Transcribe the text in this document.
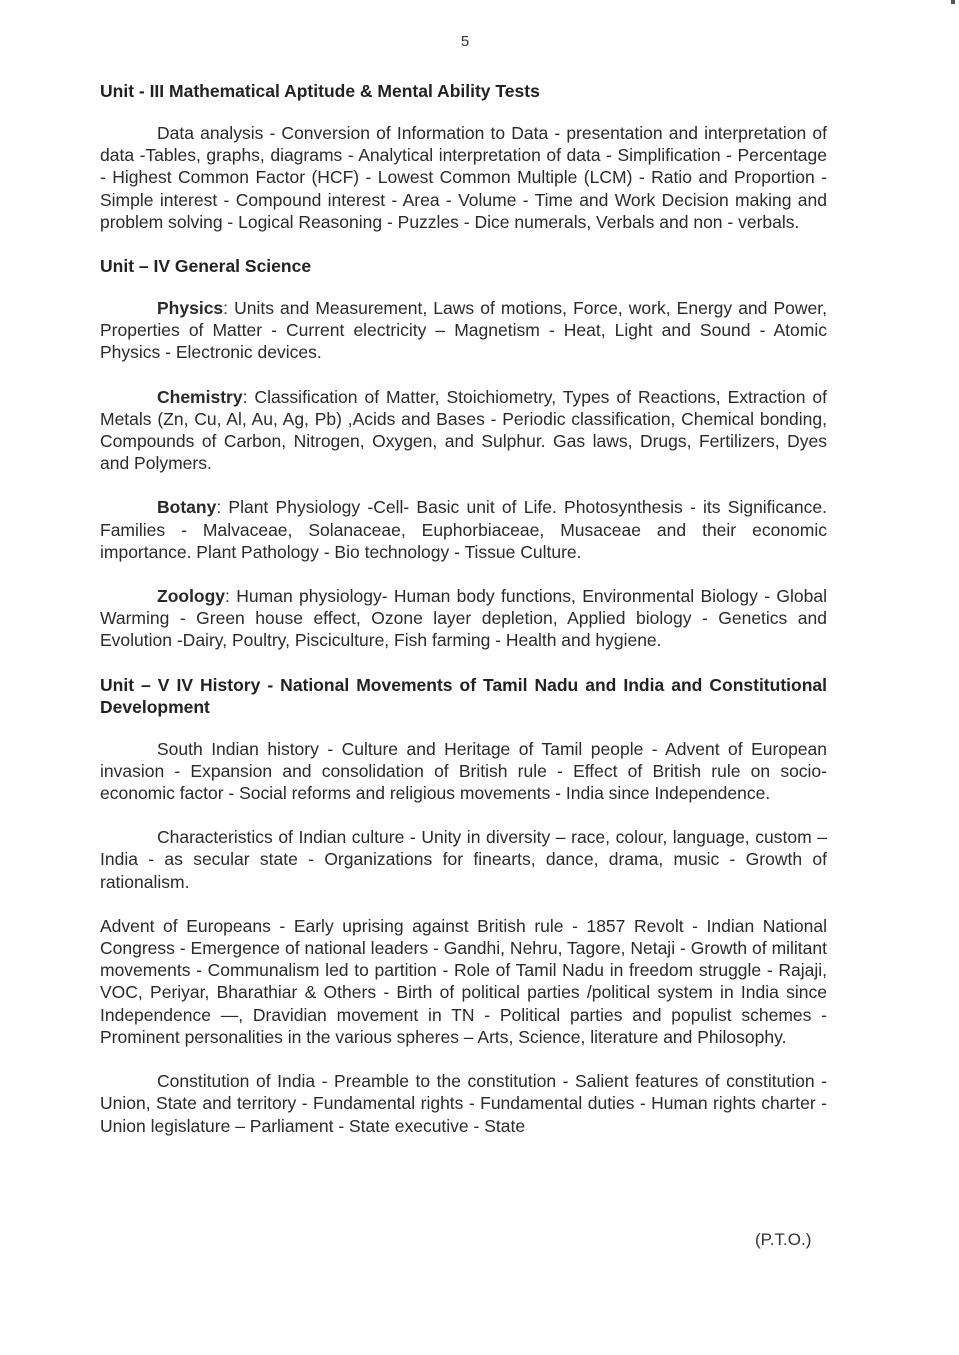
5
Unit - III Mathematical Aptitude & Mental Ability Tests

Data analysis - Conversion of Information to Data - presentation and interpretation of data -Tables, graphs, diagrams - Analytical interpretation of data - Simplification - Percentage - Highest Common Factor (HCF) - Lowest Common Multiple (LCM) - Ratio and Proportion - Simple interest - Compound interest - Area - Volume - Time and Work Decision making and problem solving - Logical Reasoning - Puzzles - Dice numerals, Verbals and non - verbals.

Unit – IV General Science

Physics: Units and Measurement, Laws of motions, Force, work, Energy and Power, Properties of Matter - Current electricity – Magnetism - Heat, Light and Sound - Atomic Physics - Electronic devices.

Chemistry: Classification of Matter, Stoichiometry, Types of Reactions, Extraction of Metals (Zn, Cu, Al, Au, Ag, Pb) ,Acids and Bases - Periodic classification, Chemical bonding, Compounds of Carbon, Nitrogen, Oxygen, and Sulphur. Gas laws, Drugs, Fertilizers, Dyes and Polymers.

Botany: Plant Physiology -Cell- Basic unit of Life. Photosynthesis - its Significance. Families - Malvaceae, Solanaceae, Euphorbiaceae, Musaceae and their economic importance. Plant Pathology - Bio technology - Tissue Culture.

Zoology: Human physiology- Human body functions, Environmental Biology - Global Warming - Green house effect, Ozone layer depletion, Applied biology - Genetics and Evolution -Dairy, Poultry, Pisciculture, Fish farming - Health and hygiene.

Unit – V IV History - National Movements of Tamil Nadu and India and Constitutional Development

South Indian history - Culture and Heritage of Tamil people - Advent of European invasion - Expansion and consolidation of British rule - Effect of British rule on socio-economic factor - Social reforms and religious movements - India since Independence.

Characteristics of Indian culture - Unity in diversity – race, colour, language, custom – India - as secular state - Organizations for finearts, dance, drama, music - Growth of rationalism.

Advent of Europeans - Early uprising against British rule - 1857 Revolt - Indian National Congress - Emergence of national leaders - Gandhi, Nehru, Tagore, Netaji - Growth of militant movements - Communalism led to partition - Role of Tamil Nadu in freedom struggle - Rajaji, VOC, Periyar, Bharathiar & Others - Birth of political parties /political system in India since Independence —, Dravidian movement in TN - Political parties and populist schemes - Prominent personalities in the various spheres – Arts, Science, literature and Philosophy.

Constitution of India - Preamble to the constitution - Salient features of constitution - Union, State and territory - Fundamental rights - Fundamental duties - Human rights charter - Union legislature – Parliament - State executive - State

(P.T.O.)
